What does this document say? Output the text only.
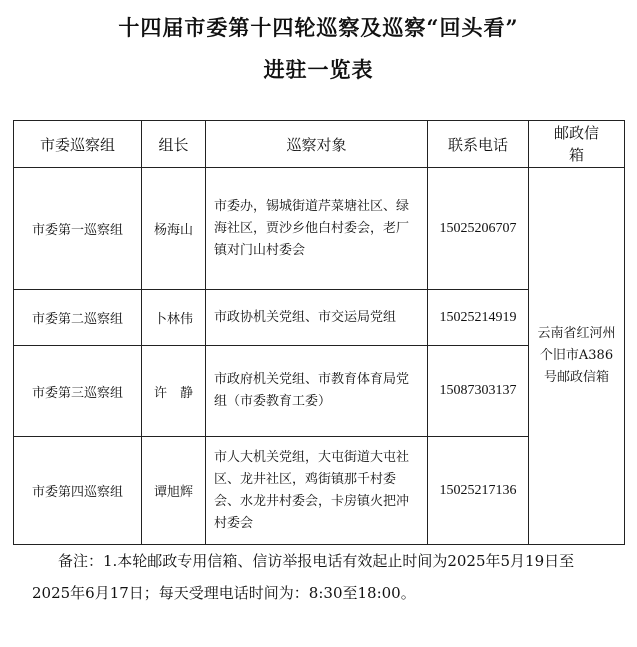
十四届市委第十四轮巡察及巡察“回头看”
进驻一览表
市委巡察组	组长	巡察对象	联系电话	邮政信箱
市委第一巡察组	杨海山	市委办，锡城街道芹菜塘社区、绿海社区，贾沙乡他白村委会，老厂镇对门山村委会	15025206707	云南省红河州个旧市A386号邮政信箱
市委第二巡察组	卜林伟	市政协机关党组、市交运局党组	15025214919	
市委第三巡察组	许　静	市政府机关党组、市教育体育局党组（市委教育工委）	15087303137	
市委第四巡察组	谭旭辉	市人大机关党组，大屯街道大屯社区、龙井社区，鸡街镇那千村委会、水龙井村委会，卡房镇火把冲村委会	15025217136	
备注：1.本轮邮政专用信箱、信访举报电话有效起止时间为2025年5月19日至2025年6月17日；每天受理电话时间为：8:30至18:00。
